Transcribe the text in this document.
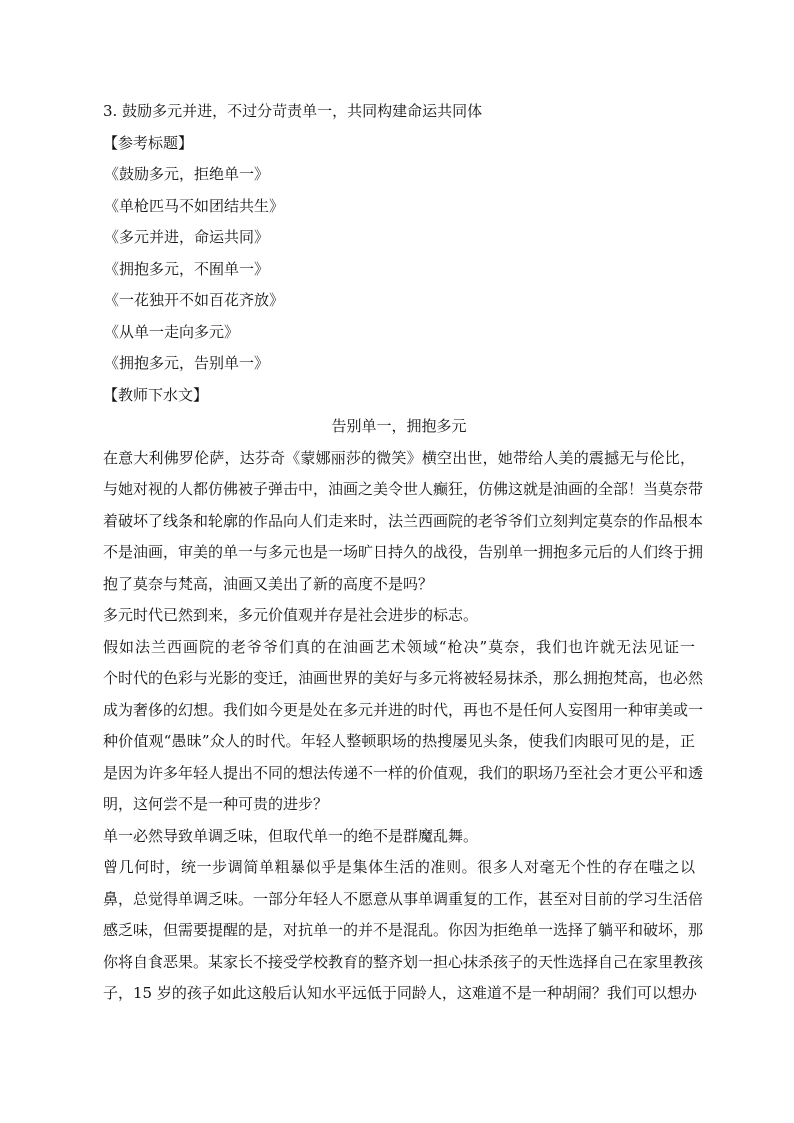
3. 鼓励多元并进，不过分苛责单一，共同构建命运共同体

【参考标题】

《鼓励多元，拒绝单一》

《单枪匹马不如团结共生》

《多元并进，命运共同》

《拥抱多元，不囿单一》

《一花独开不如百花齐放》

《从单一走向多元》

《拥抱多元，告别单一》

【教师下水文】

告别单一，拥抱多元

在意大利佛罗伦萨，达芬奇《蒙娜丽莎的微笑》横空出世，她带给人美的震撼无与伦比，
与她对视的人都仿佛被子弹击中，油画之美令世人癫狂，仿佛这就是油画的全部！当莫奈带
着破坏了线条和轮廓的作品向人们走来时，法兰西画院的老爷爷们立刻判定莫奈的作品根本
不是油画，审美的单一与多元也是一场旷日持久的战役，告别单一拥抱多元后的人们终于拥
抱了莫奈与梵高，油画又美出了新的高度不是吗？
多元时代已然到来，多元价值观并存是社会进步的标志。
假如法兰西画院的老爷爷们真的在油画艺术领域“枪决”莫奈，我们也许就无法见证一
个时代的色彩与光影的变迁，油画世界的美好与多元将被轻易抹杀，那么拥抱梵高，也必然
成为奢侈的幻想。我们如今更是处在多元并进的时代，再也不是任何人妄图用一种审美或一
种价值观“愚昧”众人的时代。年轻人整顿职场的热搜屡见头条，使我们肉眼可见的是，正
是因为许多年轻人提出不同的想法传递不一样的价值观，我们的职场乃至社会才更公平和透
明，这何尝不是一种可贵的进步？
单一必然导致单调乏味，但取代单一的绝不是群魔乱舞。
曾几何时，统一步调简单粗暴似乎是集体生活的准则。很多人对毫无个性的存在嗤之以
鼻，总觉得单调乏味。一部分年轻人不愿意从事单调重复的工作，甚至对目前的学习生活倍
感乏味，但需要提醒的是，对抗单一的并不是混乱。你因为拒绝单一选择了躺平和破坏，那
你将自食恶果。某家长不接受学校教育的整齐划一担心抹杀孩子的天性选择自己在家里教孩
子，15 岁的孩子如此这般后认知水平远低于同龄人，这难道不是一种胡闹？我们可以想办
